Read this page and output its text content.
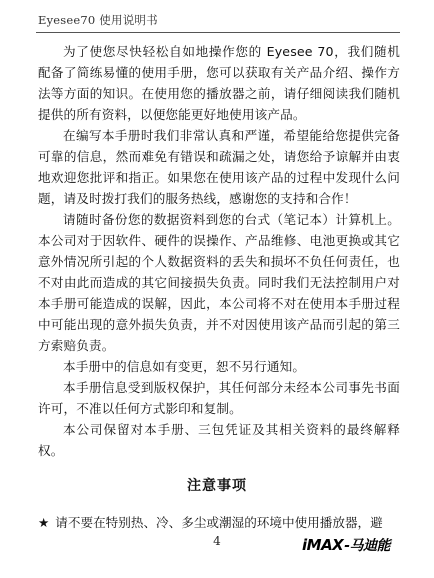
Eyesee70 使用说明书

为了使您尽快轻松自如地操作您的 Eyesee 70，我们随机配备了简练易懂的使用手册，您可以获取有关产品介绍、操作方法等方面的知识。在使用您的播放器之前，请仔细阅读我们随机提供的所有资料，以便您能更好地使用该产品。

在编写本手册时我们非常认真和严谨，希望能给您提供完备可靠的信息，然而难免有错误和疏漏之处，请您给予谅解并由衷地欢迎您批评和指正。如果您在使用该产品的过程中发现什么问题，请及时拨打我们的服务热线，感谢您的支持和合作！

请随时备份您的数据资料到您的台式（笔记本）计算机上。本公司对于因软件、硬件的误操作、产品维修、电池更换或其它意外情况所引起的个人数据资料的丢失和损坏不负任何责任，也不对由此而造成的其它间接损失负责。同时我们无法控制用户对本手册可能造成的误解，因此，本公司将不对在使用本手册过程中可能出现的意外损失负责，并不对因使用该产品而引起的第三方索赔负责。

本手册中的信息如有变更，恕不另行通知。

本手册信息受到版权保护，其任何部分未经本公司事先书面许可，不准以任何方式影印和复制。

本公司保留对本手册、三包凭证及其相关资料的最终解释权。

注意事项
★ 请不要在特别热、冷、多尘或潮湿的环境中使用播放器，避
4	iMAX -马迪能
